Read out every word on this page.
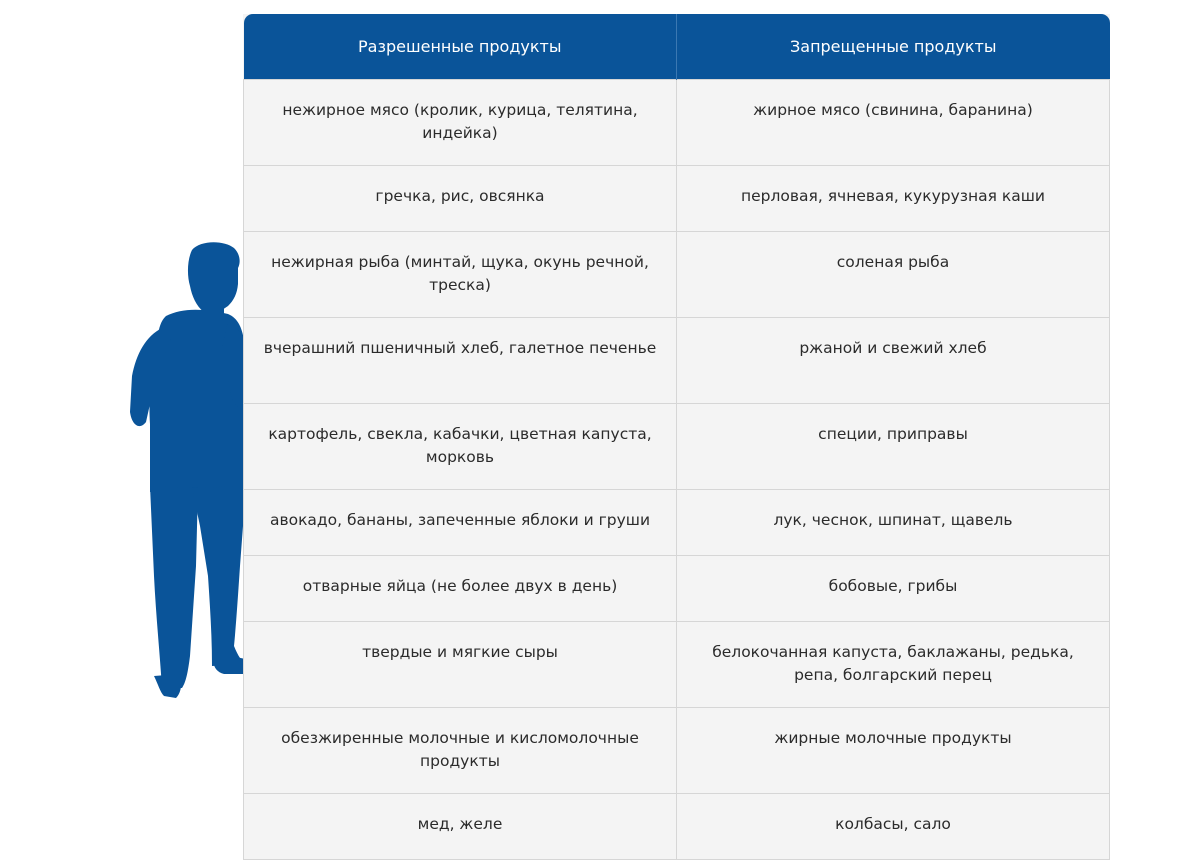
Разрешенные продукты	Запрещенные продукты
нежирное мясо (кролик, курица, телятина, индейка)	жирное мясо (свинина, баранина)
гречка, рис, овсянка	перловая, ячневая, кукурузная каши
нежирная рыба (минтай, щука, окунь речной, треска)	соленая рыба
вчерашний пшеничный хлеб, галетное печенье	ржаной и свежий хлеб
картофель, свекла, кабачки, цветная капуста, морковь	специи, приправы
авокадо, бананы, запеченные яблоки и груши	лук, чеснок, шпинат, щавель
отварные яйца (не более двух в день)	бобовые, грибы
твердые и мягкие сыры	белокочанная капуста, баклажаны, редька, репа, болгарский перец
обезжиренные молочные и кисломолочные продукты	жирные молочные продукты
мед, желе	колбасы, сало
